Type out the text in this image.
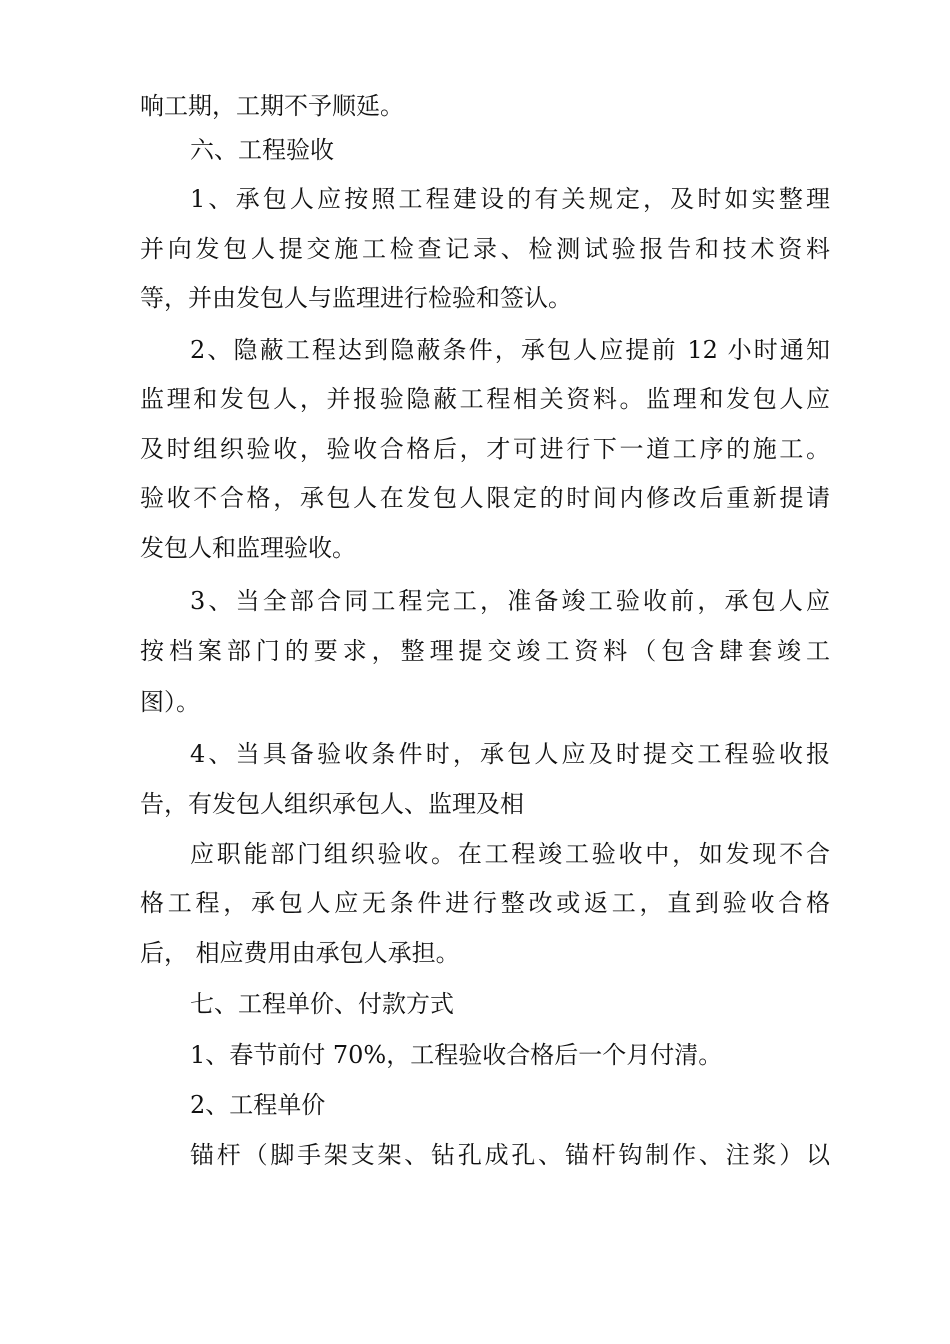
响工期，工期不予顺延。
六、工程验收
1、承包人应按照工程建设的有关规定，及时如实整理
并向发包人提交施工检查记录、检测试验报告和技术资料
等，并由发包人与监理进行检验和签认。
2、隐蔽工程达到隐蔽条件，承包人应提前 12 小时通知
监理和发包人，并报验隐蔽工程相关资料。监理和发包人应
及时组织验收，验收合格后，才可进行下一道工序的施工。
验收不合格，承包人在发包人限定的时间内修改后重新提请
发包人和监理验收。
3、当全部合同工程完工，准备竣工验收前，承包人应
按档案部门的要求，整理提交竣工资料（包含肆套竣工
图）。
4、当具备验收条件时，承包人应及时提交工程验收报
告，有发包人组织承包人、监理及相
应职能部门组织验收。在工程竣工验收中，如发现不合
格工程，承包人应无条件进行整改或返工，直到验收合格
后， 相应费用由承包人承担。
七、工程单价、付款方式
1、春节前付 70%，工程验收合格后一个月付清。
2、工程单价
锚杆（脚手架支架、钻孔成孔、锚杆钩制作、注浆）以
